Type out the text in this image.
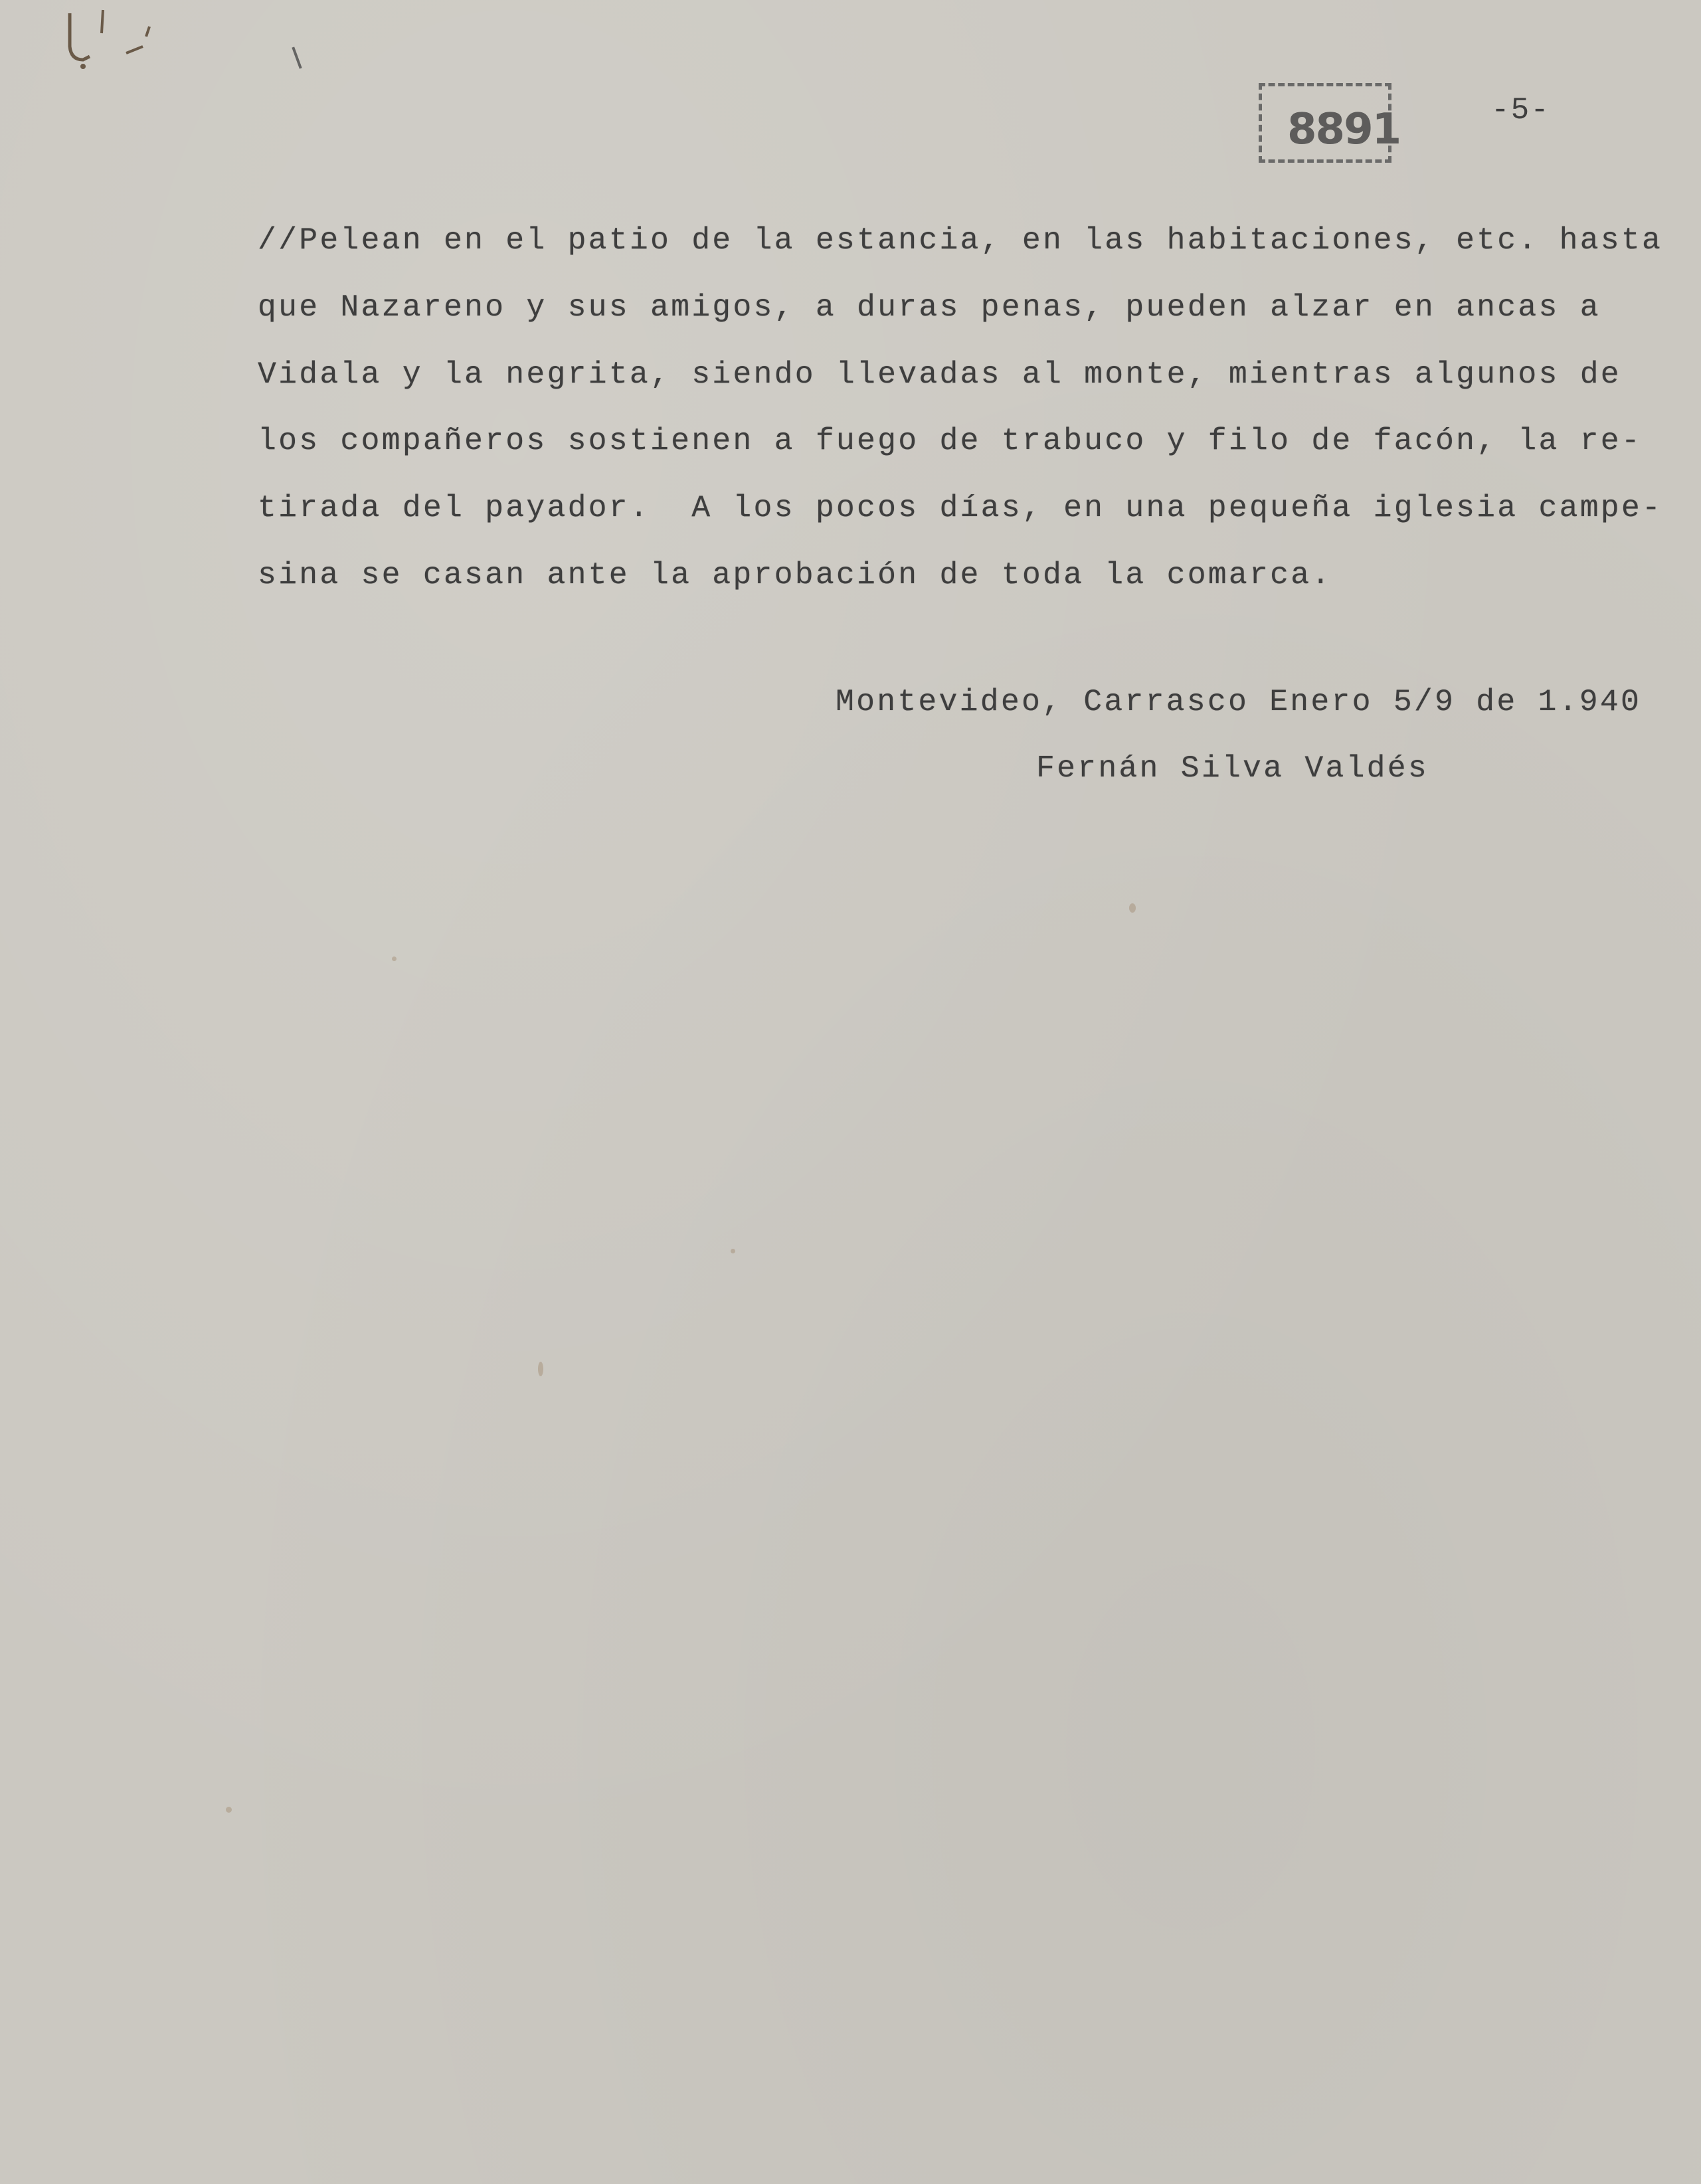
8891	-5-
//Pelean en el patio de la estancia, en las habitaciones, etc. hasta
que Nazareno y sus amigos, a duras penas, pueden alzar en ancas a
Vidala y la negrita, siendo llevadas al monte, mientras algunos de
los compañeros sostienen a fuego de trabuco y filo de facón, la re-
tirada del payador.  A los pocos días, en una pequeña iglesia campe-
sina se casan ante la aprobación de toda la comarca.
Montevideo, Carrasco Enero 5/9 de 1.940
Fernán Silva Valdés
